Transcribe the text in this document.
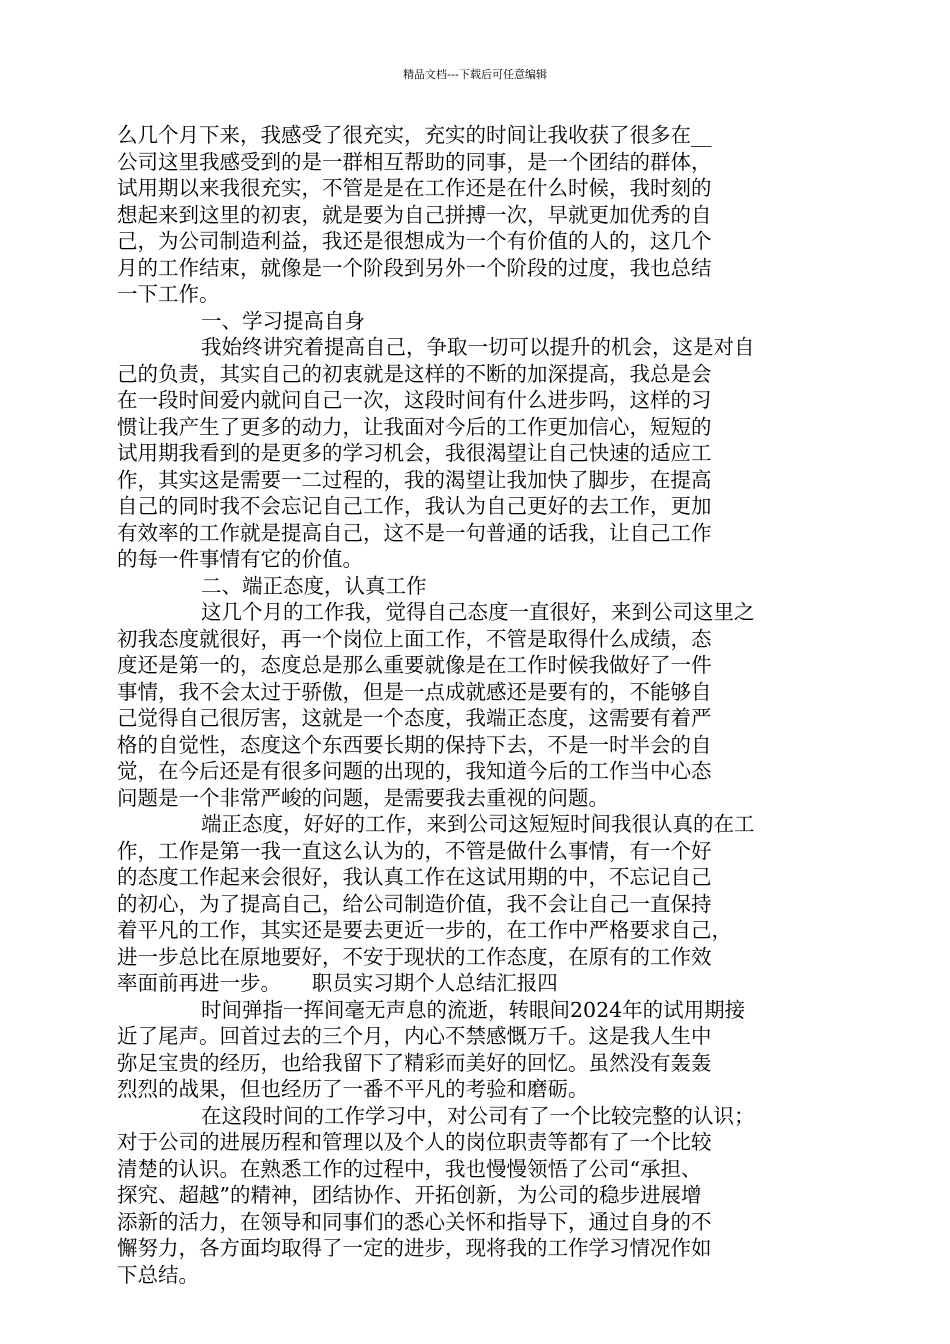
精品文档---下载后可任意编辑

么几个月下来，我感受了很充实，充实的时间让我收获了很多在__

公司这里我感受到的是一群相互帮助的同事，是一个团结的群体，

试用期以来我很充实，不管是是在工作还是在什么时候，我时刻的

想起来到这里的初衷，就是要为自己拼搏一次，早就更加优秀的自

己，为公司制造利益，我还是很想成为一个有价值的人的，这几个

月的工作结束，就像是一个阶段到另外一个阶段的过度，我也总结

一下工作。

一、学习提高自身

我始终讲究着提高自己，争取一切可以提升的机会，这是对自

己的负责，其实自己的初衷就是这样的不断的加深提高，我总是会

在一段时间爱内就问自己一次，这段时间有什么进步吗，这样的习

惯让我产生了更多的动力，让我面对今后的工作更加信心，短短的

试用期我看到的是更多的学习机会，我很渴望让自己快速的适应工

作，其实这是需要一二过程的，我的渴望让我加快了脚步，在提高

自己的同时我不会忘记自己工作，我认为自己更好的去工作，更加

有效率的工作就是提高自己，这不是一句普通的话我，让自己工作

的每一件事情有它的价值。

二、端正态度，认真工作

这几个月的工作我，觉得自己态度一直很好，来到公司这里之

初我态度就很好，再一个岗位上面工作，不管是取得什么成绩，态

度还是第一的，态度总是那么重要就像是在工作时候我做好了一件

事情，我不会太过于骄傲，但是一点成就感还是要有的，不能够自

己觉得自己很厉害，这就是一个态度，我端正态度，这需要有着严

格的自觉性，态度这个东西要长期的保持下去，不是一时半会的自

觉，在今后还是有很多问题的出现的，我知道今后的工作当中心态

问题是一个非常严峻的问题，是需要我去重视的问题。

端正态度，好好的工作，来到公司这短短时间我很认真的在工

作，工作是第一我一直这么认为的，不管是做什么事情，有一个好

的态度工作起来会很好，我认真工作在这试用期的中，不忘记自己

的初心，为了提高自己，给公司制造价值，我不会让自己一直保持

着平凡的工作，其实还是要去更近一步的，在工作中严格要求自己，

进一步总比在原地要好，不安于现状的工作态度，在原有的工作效

率面前再进一步。　　职员实习期个人总结汇报四

时间弹指一挥间毫无声息的流逝，转眼间2024年的试用期接

近了尾声。回首过去的三个月，内心不禁感慨万千。这是我人生中

弥足宝贵的经历，也给我留下了精彩而美好的回忆。虽然没有轰轰

烈烈的战果，但也经历了一番不平凡的考验和磨砺。

在这段时间的工作学习中，对公司有了一个比较完整的认识；

对于公司的进展历程和管理以及个人的岗位职责等都有了一个比较

清楚的认识。在熟悉工作的过程中，我也慢慢领悟了公司“承担、

探究、超越”的精神，团结协作、开拓创新，为公司的稳步进展增

添新的活力，在领导和同事们的悉心关怀和指导下，通过自身的不

懈努力，各方面均取得了一定的进步，现将我的工作学习情况作如

下总结。
